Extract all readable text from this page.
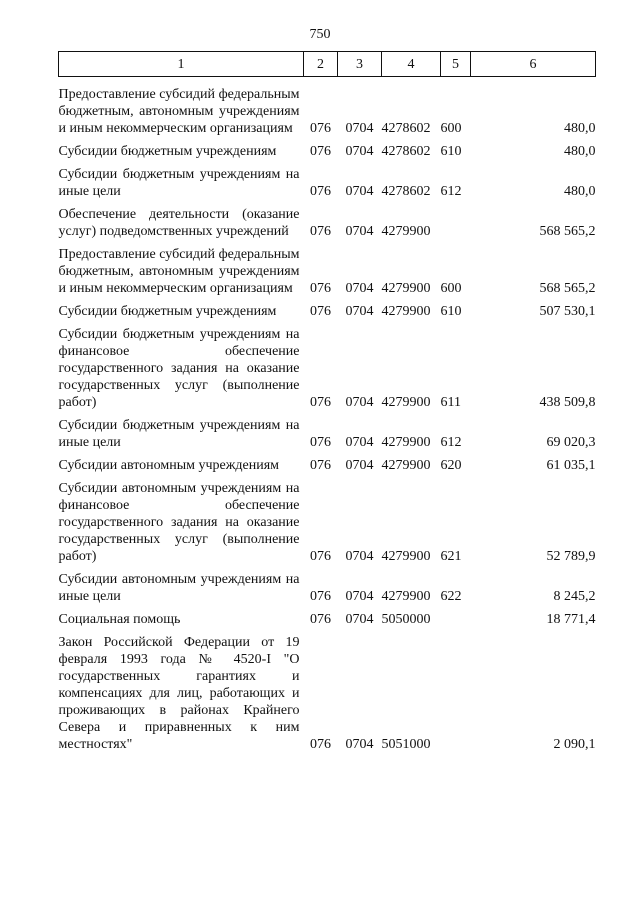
750
1	2	3	4	5	6
Предоставление субсидий федеральным бюджетным, автономным учреждениям и иным некоммерческим организациям	076	0704	4278602	600	480,0
Субсидии бюджетным учреждениям	076	0704	4278602	610	480,0
Субсидии бюджетным учреждениям на иные цели	076	0704	4278602	612	480,0
Обеспечение деятельности (оказание услуг) подведомственных учреждений	076	0704	4279900		568 565,2
Предоставление субсидий федеральным бюджетным, автономным учреждениям и иным некоммерческим организациям	076	0704	4279900	600	568 565,2
Субсидии бюджетным учреждениям	076	0704	4279900	610	507 530,1
Субсидии бюджетным учреждениям на финансовое обеспечение государственного задания на оказание государственных услуг (выполнение работ)	076	0704	4279900	611	438 509,8
Субсидии бюджетным учреждениям на иные цели	076	0704	4279900	612	69 020,3
Субсидии автономным учреждениям	076	0704	4279900	620	61 035,1
Субсидии автономным учреждениям на финансовое обеспечение государственного задания на оказание государственных услуг (выполнение работ)	076	0704	4279900	621	52 789,9
Субсидии автономным учреждениям на иные цели	076	0704	4279900	622	8 245,2
Социальная помощь	076	0704	5050000		18 771,4
Закон Российской Федерации от 19 февраля 1993 года № 4520-I "О государственных гарантиях и компенсациях для лиц, работающих и проживающих в районах Крайнего Севера и приравненных к ним местностях"	076	0704	5051000		2 090,1
